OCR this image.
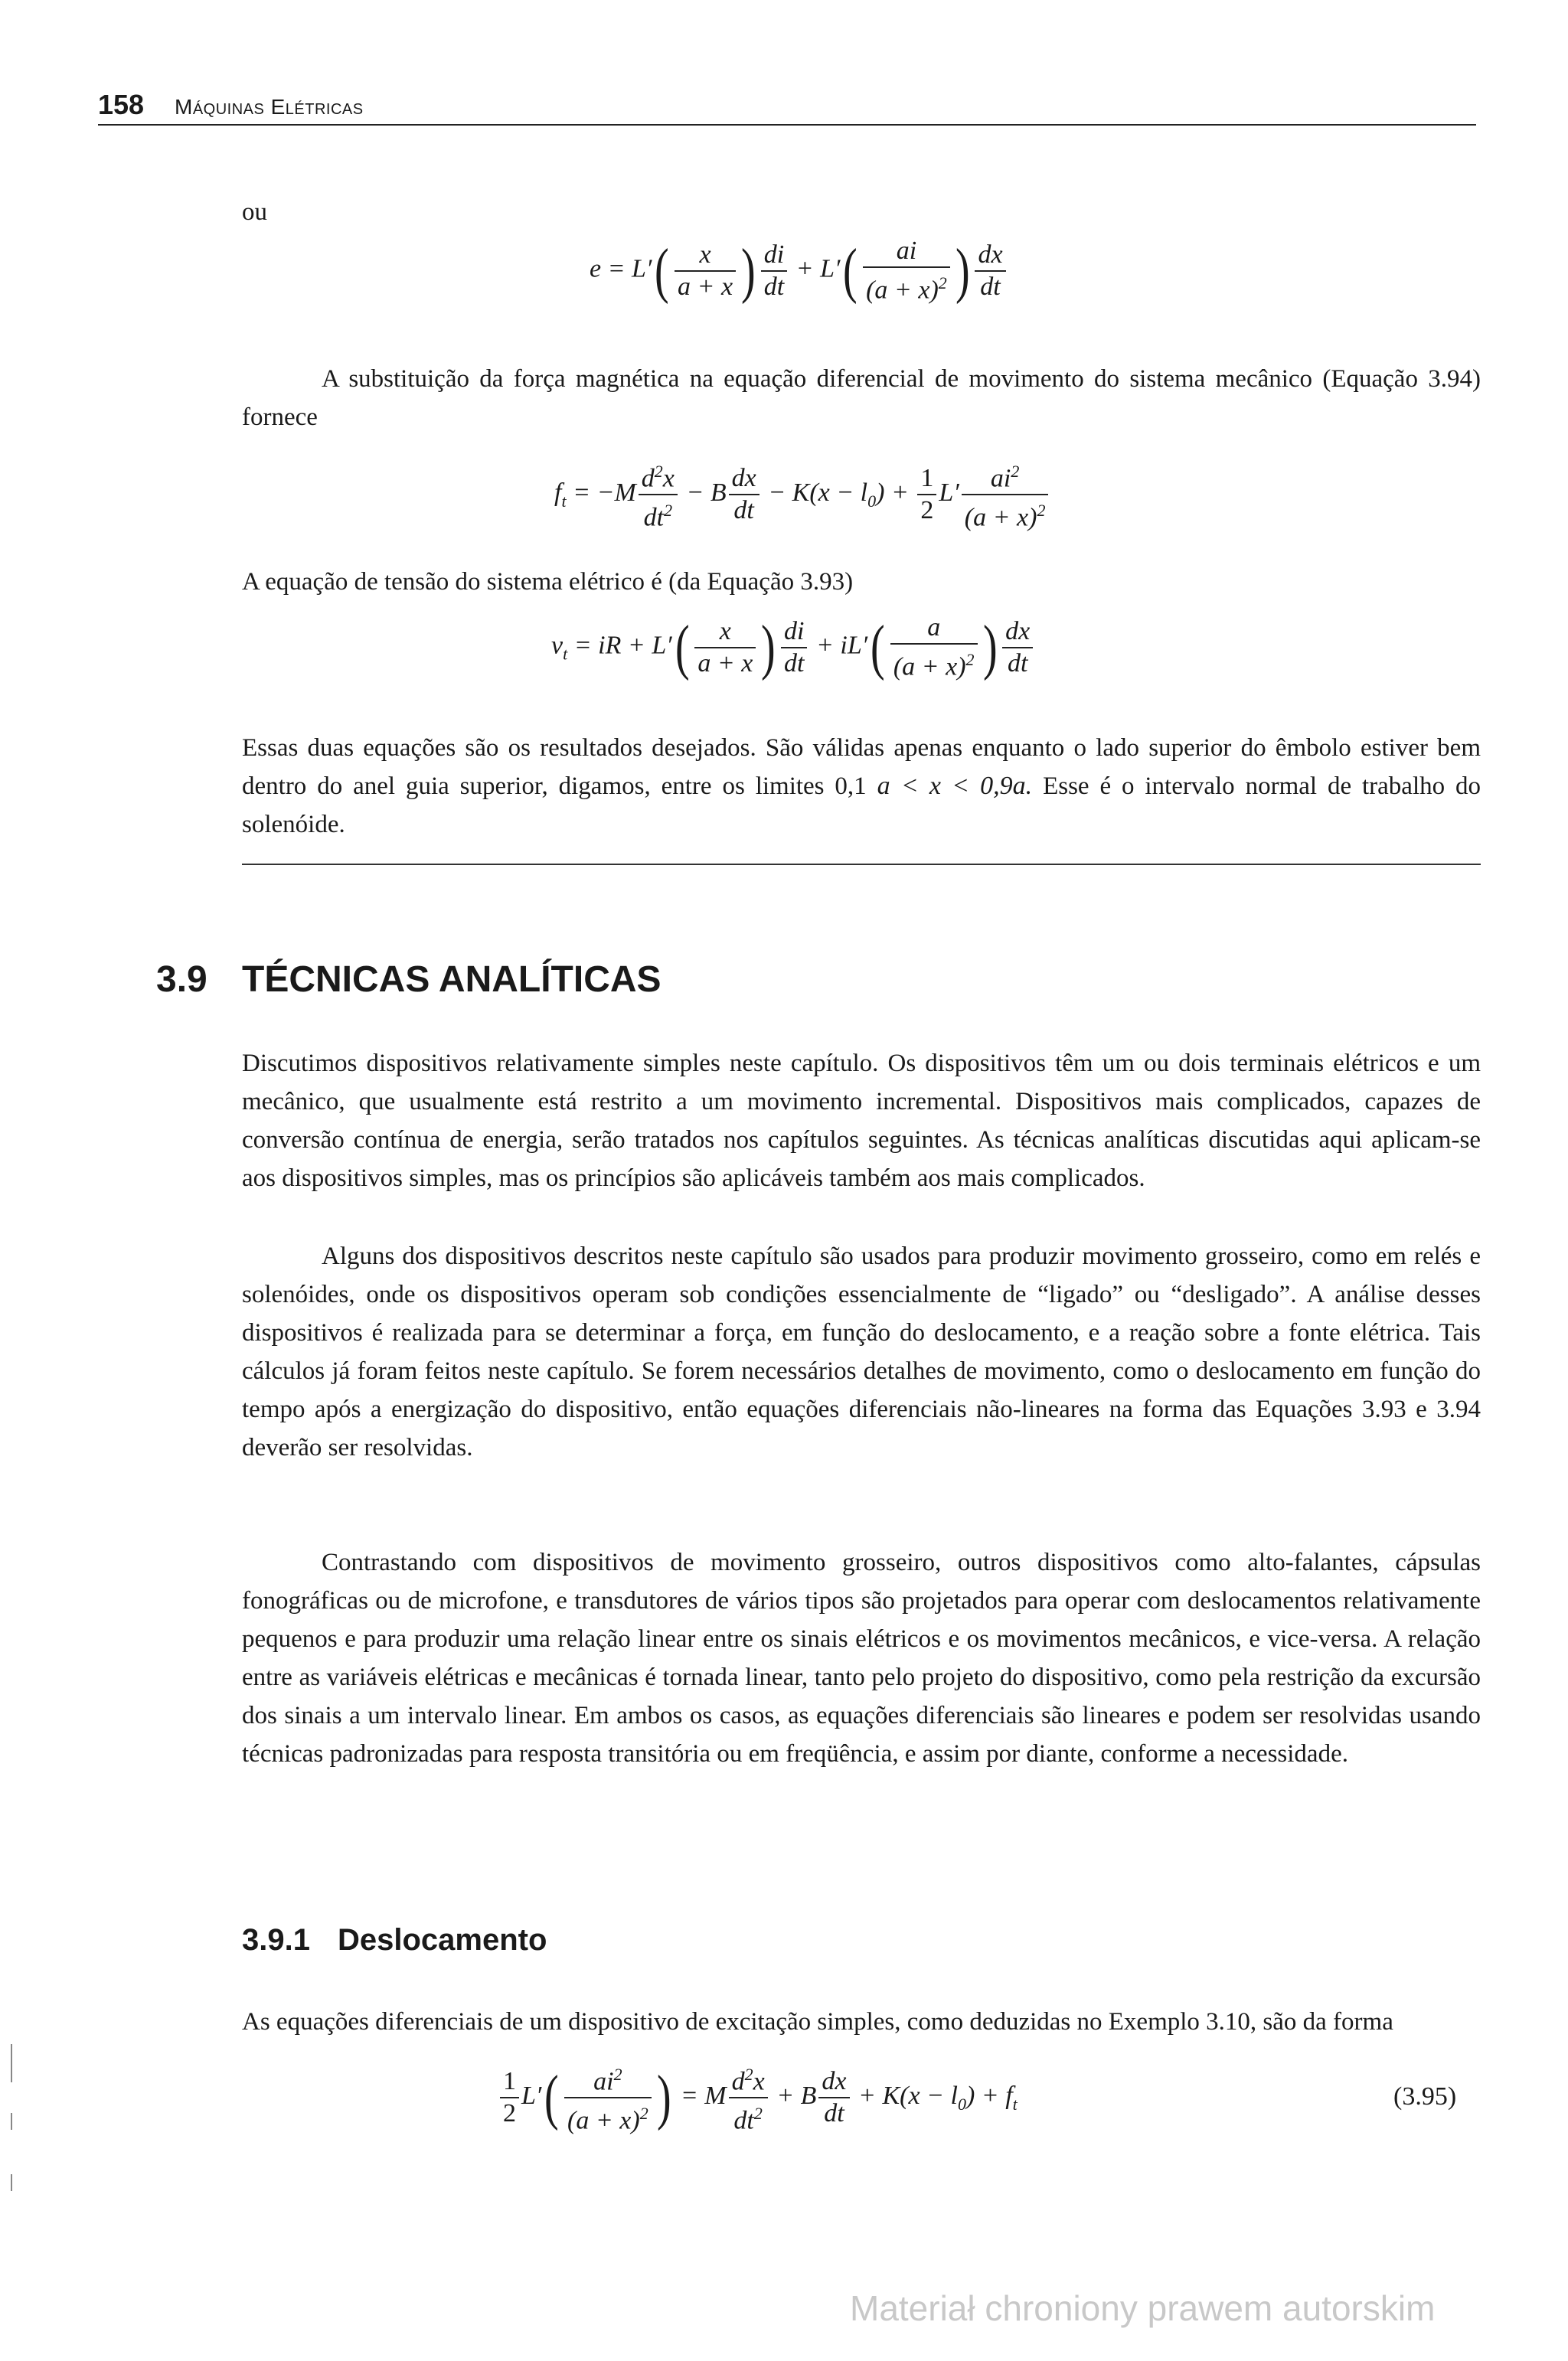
158 Máquinas Elétricas

ou

$e = L'( \frac{x}{a + x}$ ) $\frac{di}{dt} + L'( \frac{ai}{(a + x)^2}$ ) $\frac{dx}{dt}$

A substituição da força magnética na equação diferencial de movimento do sistema mecânico (Equação 3.94) fornece

$f_t = -M \frac{d^2x}{dt^2} - B \frac{dx}{dt} - K(x - l_0) + \frac{1}{2} L' \frac{ai^2}{(a + x)^2}$

A equação de tensão do sistema elétrico é (da Equação 3.93)

$v_t$ = iR + $L'( \frac{x}{a + x}$ ) $\frac{di}{dt} + iL'( \frac{a}{(a + x)^2}$ ) $\frac{dx}{dt}$

Essas duas equações são os resultados desejados. São válidas apenas enquanto o lado superior do êmbolo estiver bem dentro do anel guia superior, digamos, entre os limites 0,1 a < x < 0,9a. Esse é o intervalo normal de trabalho do solenóide.

3.9 TÉCNICAS ANALÍTICAS

Discutimos dispositivos relativamente simples neste capítulo. Os dispositivos têm um ou dois terminais elétricos e um mecânico, que usualmente está restrito a um movimento incremental. Dispositivos mais complicados, capazes de conversão contínua de energia, serão tratados nos capítulos seguintes. As técnicas analíticas discutidas aqui aplicam-se aos dispositivos simples, mas os princípios são aplicáveis também aos mais complicados.

Alguns dos dispositivos descritos neste capítulo são usados para produzir movimento grosseiro, como em relés e solenóides, onde os dispositivos operam sob condições essencialmente de “ligado” ou “desligado”. A análise desses dispositivos é realizada para se determinar a força, em função do deslocamento, e a reação sobre a fonte elétrica. Tais cálculos já foram feitos neste capítulo. Se forem necessários detalhes de movimento, como o deslocamento em função do tempo após a energização do dispositivo, então equações diferenciais não-lineares na forma das Equações 3.93 e 3.94 deverão ser resolvidas.

Contrastando com dispositivos de movimento grosseiro, outros dispositivos como alto-falantes, cápsulas fonográficas ou de microfone, e transdutores de vários tipos são projetados para operar com deslocamentos relativamente pequenos e para produzir uma relação linear entre os sinais elétricos e os movimentos mecânicos, e vice-versa. A relação entre as variáveis elétricas e mecânicas é tornada linear, tanto pelo projeto do dispositivo, como pela restrição da excursão dos sinais a um intervalo linear. Em ambos os casos, as equações diferenciais são lineares e podem ser resolvidas usando técnicas padronizadas para resposta transitória ou em freqüência, e assim por diante, conforme a necessidade.

3.9.1 Deslocamento

As equações diferenciais de um dispositivo de excitação simples, como deduzidas no Exemplo 3.10, são da forma

$\frac{1}{2} L'( \frac{ai^2}{(a + x)^2}$ ) = M $\frac{d^2x}{dt^2} + B \frac{dx}{dt} + K(x - l_0) + f_t$	(3.95)
Materiał chroniony prawem autorskim
